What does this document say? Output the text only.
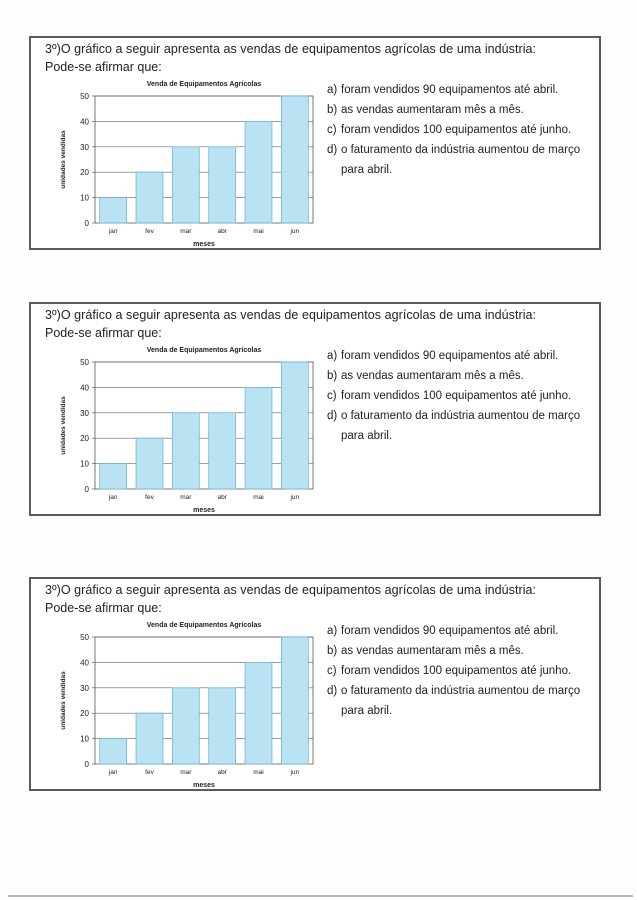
3º)O gráfico a seguir apresenta as vendas de equipamentos agrícolas de uma indústria:
Pode-se afirmar que:
Venda de Equipamentos Agrícolas
0
10
20
30
40
50
jan	fev	mar	abr	mai	jun
meses
unidades vendidas
a) foram vendidos 90 equipamentos até abril.
b) as vendas aumentaram mês a mês.
c) foram vendidos 100 equipamentos até junho.
d) o faturamento da indústria aumentou de março para abril.
3º)O gráfico a seguir apresenta as vendas de equipamentos agrícolas de uma indústria:
Pode-se afirmar que:
Venda de Equipamentos Agrícolas
0
10
20
30
40
50
jan	fev	mar	abr	mai	jun
meses
unidades vendidas
a) foram vendidos 90 equipamentos até abril.
b) as vendas aumentaram mês a mês.
c) foram vendidos 100 equipamentos até junho.
d) o faturamento da indústria aumentou de março para abril.
3º)O gráfico a seguir apresenta as vendas de equipamentos agrícolas de uma indústria:
Pode-se afirmar que:
Venda de Equipamentos Agrícolas
0
10
20
30
40
50
jan	fev	mar	abr	mai	jun
meses
unidades vendidas
a) foram vendidos 90 equipamentos até abril.
b) as vendas aumentaram mês a mês.
c) foram vendidos 100 equipamentos até junho.
d) o faturamento da indústria aumentou de março para abril.
